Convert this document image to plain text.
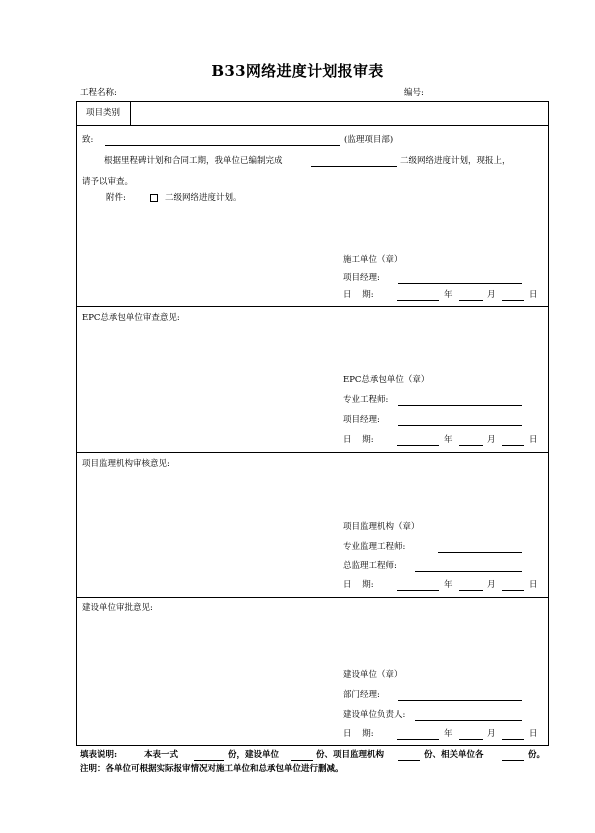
B33网络进度计划报审表
工程名称:	编号:
项目类别
致:	(监理项目部)
根据里程碑计划和合同工期，我单位已编制完成	二级网络进度计划，现报上，
请予以审查。
附件:	二级网络进度计划。
施工单位（章）
项目经理:
日    期:	年	月	日
EPC总承包单位审查意见:
EPC总承包单位（章）
专业工程师:
项目经理:
日    期:	年	月	日
项目监理机构审核意见:
项目监理机构（章）
专业监理工程师:
总监理工程师:
日    期:	年	月	日
建设单位审批意见:
建设单位（章）
部门经理:
建设单位负责人:
日    期:	年	月	日
填表说明:	本表一式	份，建设单位	份、项目监理机构	份、相关单位各	份。
注明：各单位可根据实际报审情况对施工单位和总承包单位进行删减。
